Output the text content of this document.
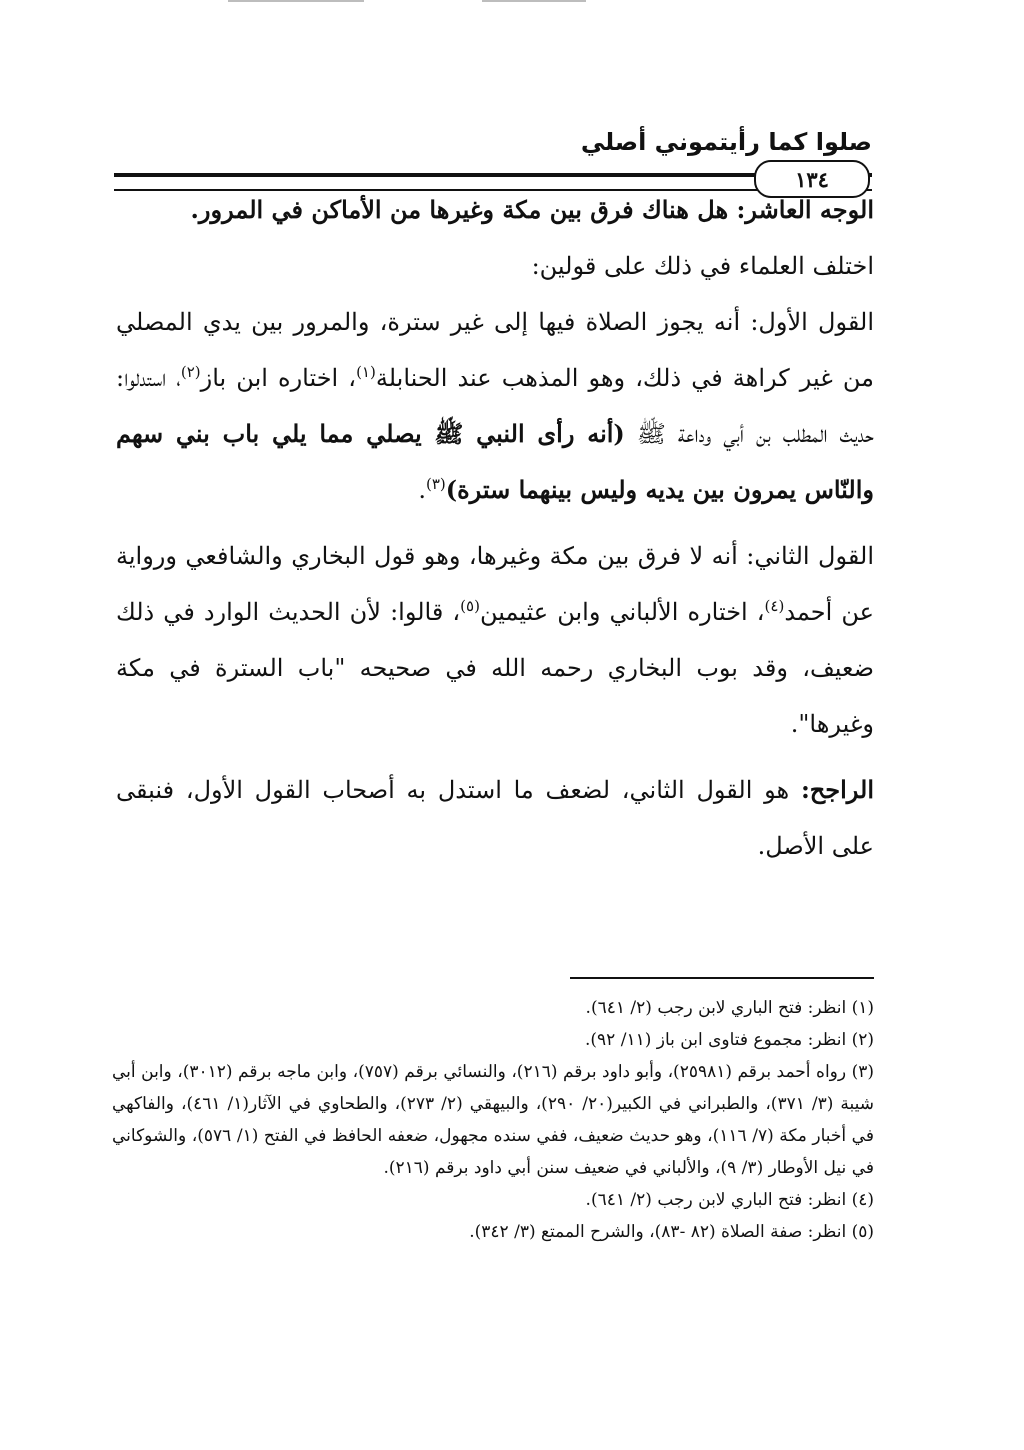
صلوا كما رأيتموني أصلي
١٣٤

الوجه العاشر: هل هناك فرق بين مكة وغيرها من الأماكن في المرور.

اختلف العلماء في ذلك على قولين:

القول الأول: أنه يجوز الصلاة فيها إلى غير سترة، والمرور بين يدي المصلي من غير كراهة في ذلك، وهو المذهب عند الحنابلة$^{(١)}$، اختاره ابن باز$^{(٢)}$، استدلوا: حديث المطلب بن أبي وداعة ﷺ (أنه رأى النبي ﷺ يصلي مما يلي باب بني سهم والنّاس يمرون بين يديه وليس بينهما سترة)$^{(٣)}$.

القول الثاني: أنه لا فرق بين مكة وغيرها، وهو قول البخاري والشافعي ورواية عن أحمد$^{(٤)}$، اختاره الألباني وابن عثيمين$^{(٥)}$، قالوا: لأن الحديث الوارد في ذلك ضعيف، وقد بوب البخاري رحمه الله في صحيحه "باب السترة في مكة وغيرها".

الراجح: هو القول الثاني، لضعف ما استدل به أصحاب القول الأول، فنبقى على الأصل.

(١) انظر: فتح الباري لابن رجب (٢/ ٦٤١).

(٢) انظر: مجموع فتاوى ابن باز (١١/ ٩٢).

(٣) رواه أحمد برقم (٢٥٩٨١)، وأبو داود برقم (٢١٦)، والنسائي برقم (٧٥٧)، وابن ماجه برقم (٣٠١٢)، وابن أبي شيبة (٣/ ٣٧١)، والطبراني في الكبير(٢٠/ ٢٩٠)، والبيهقي (٢/ ٢٧٣)، والطحاوي في الآثار(١/ ٤٦١)، والفاكهي في أخبار مكة (٧/ ١١٦)، وهو حديث ضعيف، ففي سنده مجهول، ضعفه الحافظ في الفتح (١/ ٥٧٦)، والشوكاني في نيل الأوطار (٣/ ٩)، والألباني في ضعيف سنن أبي داود برقم (٢١٦).

(٤) انظر: فتح الباري لابن رجب (٢/ ٦٤١).

(٥) انظر: صفة الصلاة (٨٢ -٨٣)، والشرح الممتع (٣/ ٣٤٢).
